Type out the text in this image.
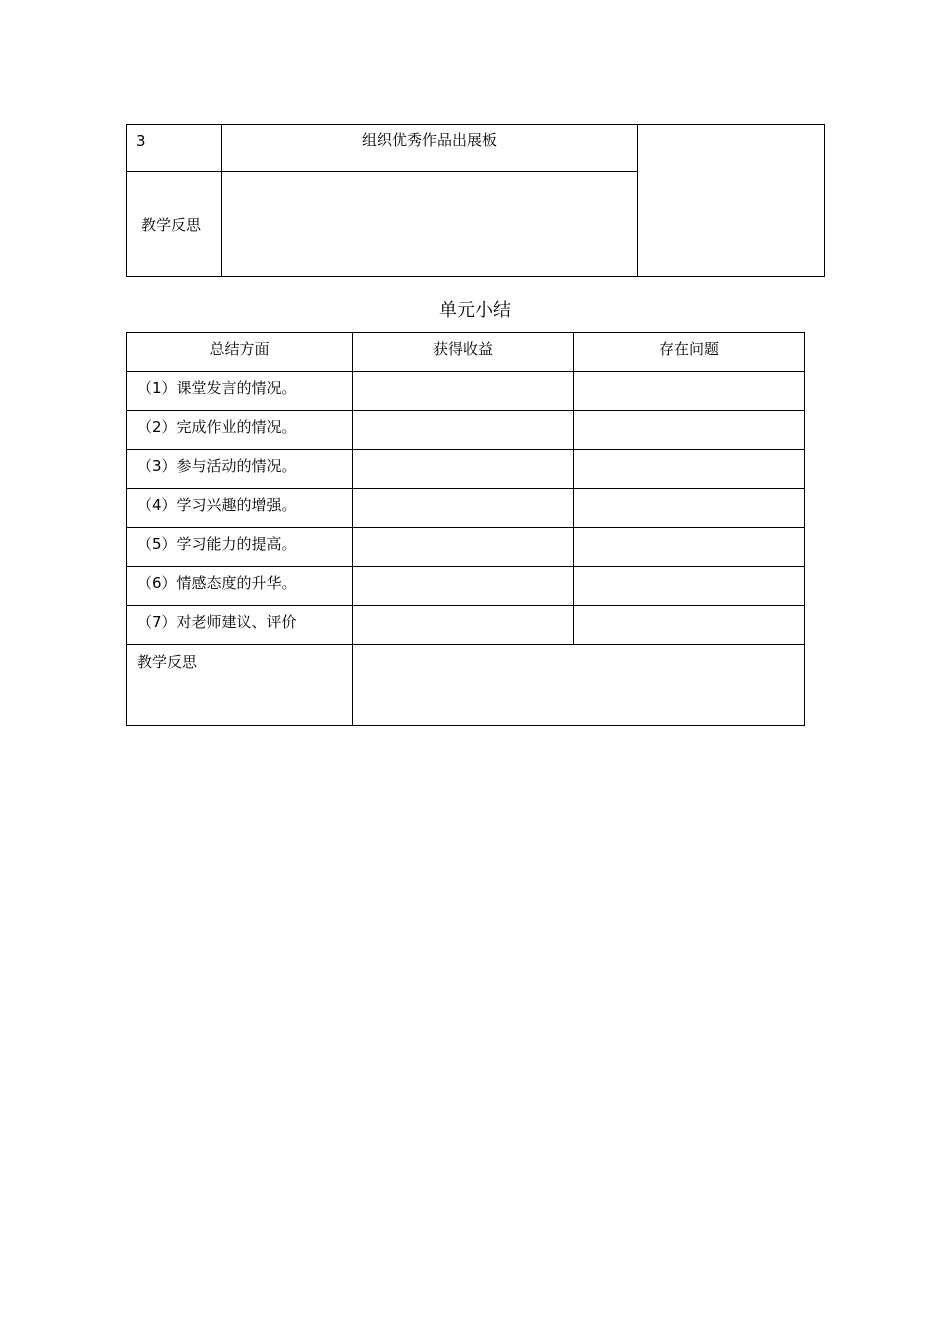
3	组织优秀作品出展板	
教学反思		
单元小结
总结方面	获得收益	存在问题
（1）课堂发言的情况。		
（2）完成作业的情况。		
（3）参与活动的情况。		
（4）学习兴趣的增强。		
（5）学习能力的提高。		
（6）情感态度的升华。		
（7）对老师建议、评价		
教学反思		
